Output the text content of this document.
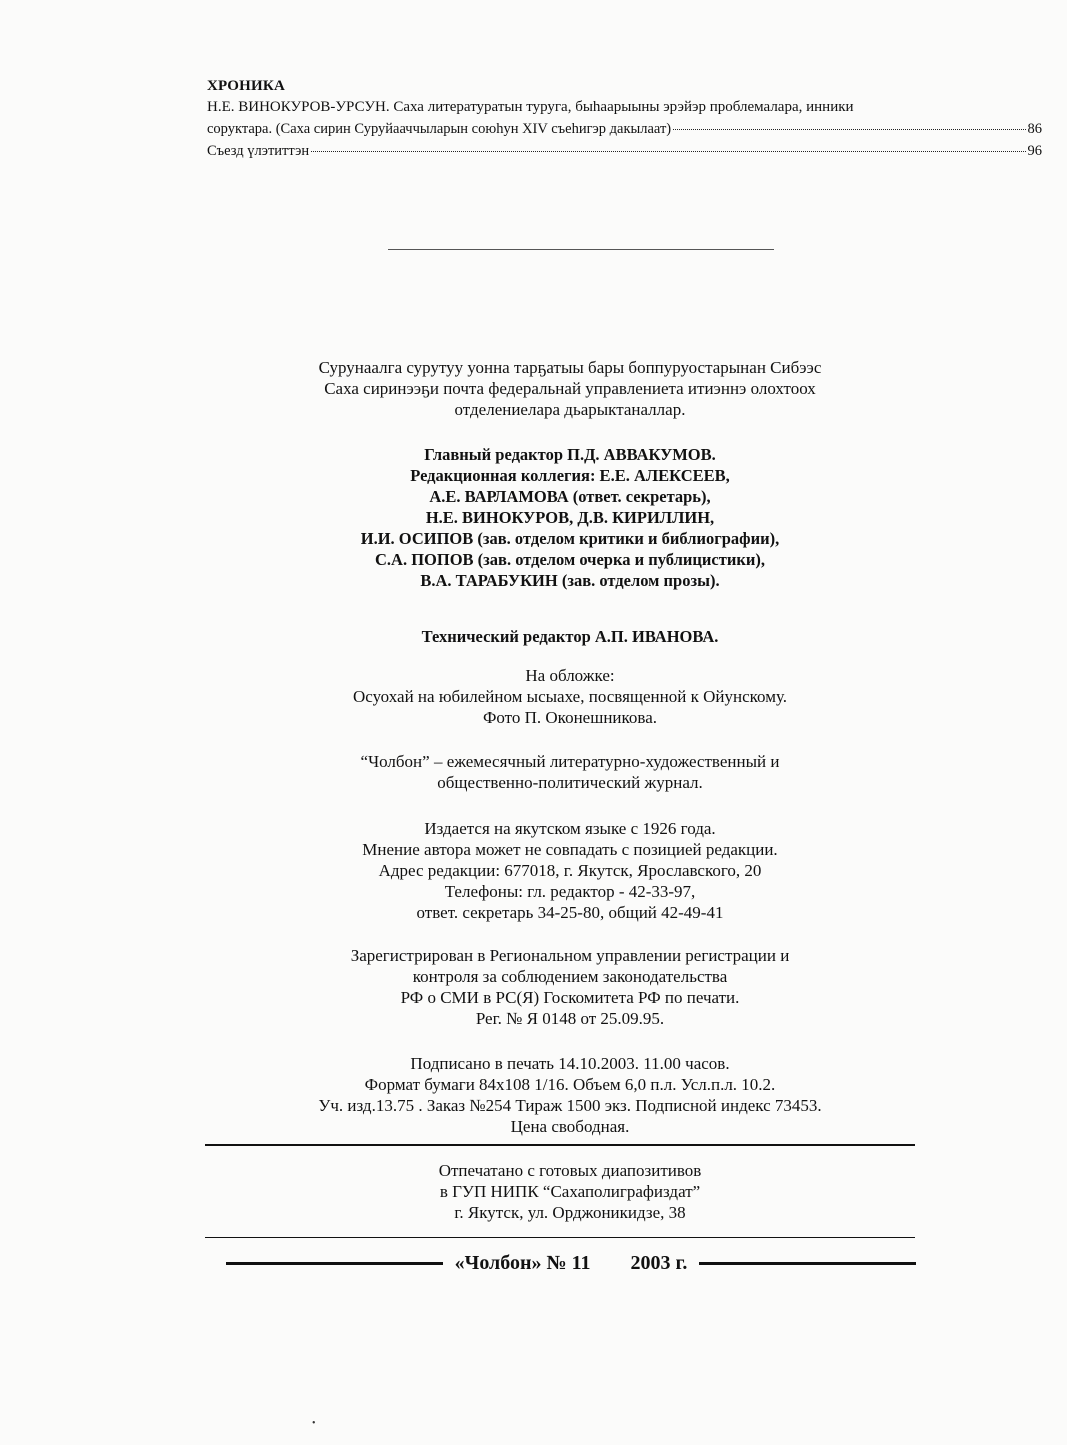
ХРОНИКА
Н.Е. ВИНОКУРОВ-УРСУН. Саха литературатын туруга, быhаарыыны эрэйэр проблемалара, инники
соруктара. (Саха сирин Суруйааччыларын союhун XIV съеhигэр дакылаат)	86
Съезд үлэтиттэн	96
Сурунаалга сурутуу уонна тарҕатыы бары боппуруостарынан Сибээс
Саха сиринээҕи почта федеральнай управлениета итиэннэ олохтоох
отделениелара дьарыктаналлар.
Главный редактор П.Д. АВВАКУМОВ.
Редакционная коллегия: Е.Е. АЛЕКСЕЕВ,
А.Е. ВАРЛАМОВА (ответ. секретарь),
Н.Е. ВИНОКУРОВ, Д.В. КИРИЛЛИН,
И.И. ОСИПОВ (зав. отделом критики и библиографии),
С.А. ПОПОВ (зав. отделом очерка и публицистики),
В.А. ТАРАБУКИН (зав. отделом прозы).
Технический редактор А.П. ИВАНОВА.
На обложке:
Осуохай на юбилейном ысыахе, посвященной к Ойунскому.
Фото П. Оконешникова.
“Чолбон” – ежемесячный литературно-художественный и
общественно-политический журнал.
Издается на якутском языке с 1926 года.
Мнение автора может не совпадать с позицией редакции.
Адрес редакции: 677018, г. Якутск, Ярославского, 20
Телефоны: гл. редактор - 42-33-97,
ответ. секретарь 34-25-80, общий 42-49-41
Зарегистрирован в Региональном управлении регистрации и
контроля за соблюдением законодательства
РФ о СМИ в РС(Я) Госкомитета РФ по печати.
Рег. № Я 0148 от 25.09.95.
Подписано в печать 14.10.2003. 11.00 часов.
Формат бумаги 84х108 1/16. Объем 6,0 п.л. Усл.п.л. 10.2.
Уч. изд.13.75 . Заказ №254 Тираж 1500 экз. Подписной индекс 73453.
Цена свободная.
Отпечатано с готовых диапозитивов
в ГУП НИПК “Сахаполиграфиздат”
г. Якутск, ул. Орджоникидзе, 38
«Чолбон» № 11 2003 г.
•
